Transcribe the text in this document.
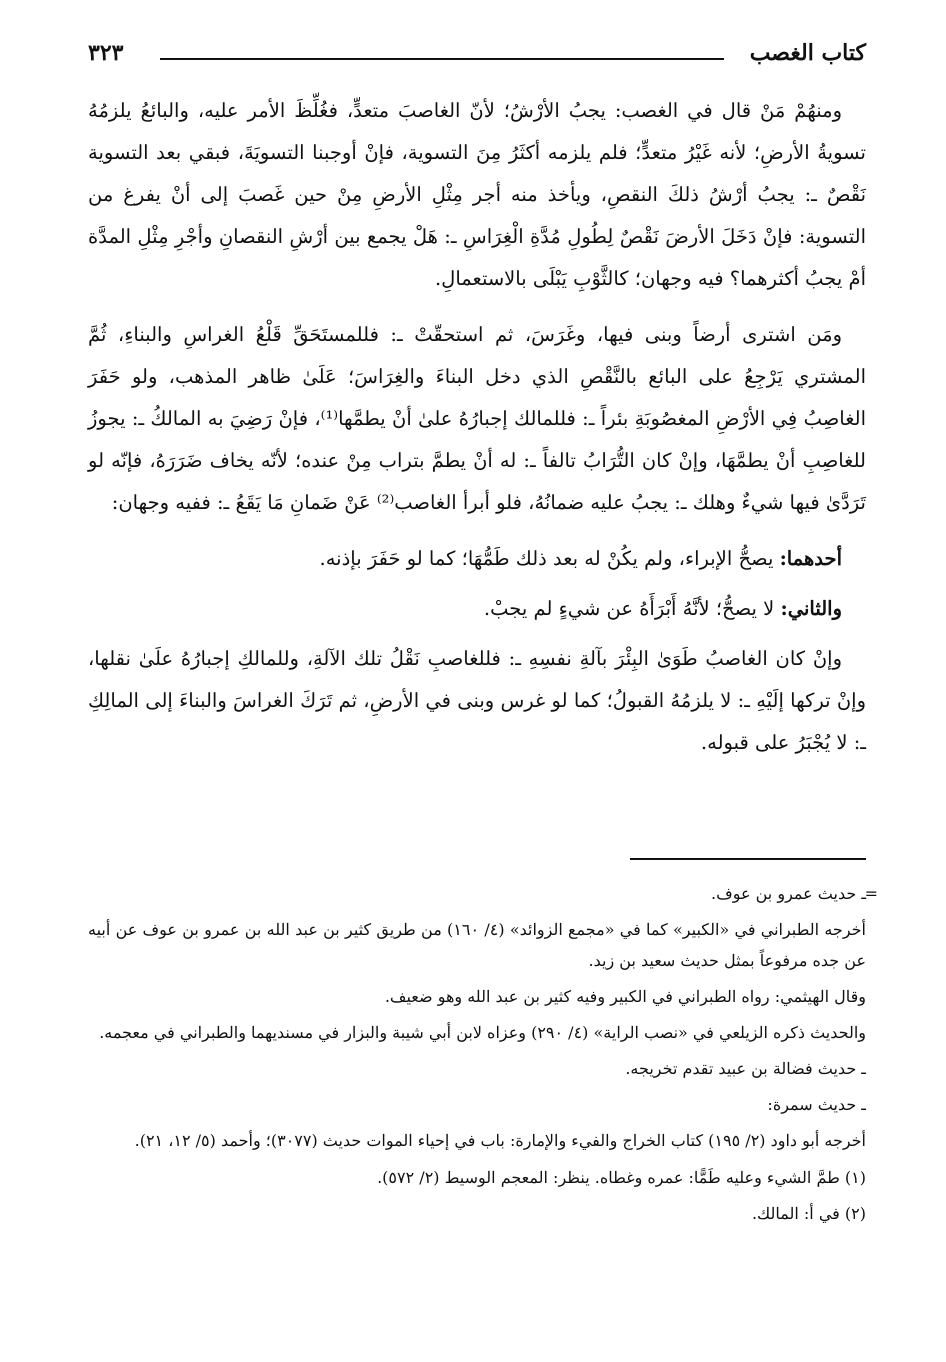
كتاب الغصب
٣٢٣

ومنهُمْ مَنْ قال في الغصب: يجبُ الأرْشُ؛ لأنّ الغاصبَ متعدٍّ، فغُلِّظَ الأمر عليه، والبائعُ يلزمُهُ تسويةُ الأرضِ؛ لأنه غَيْرُ متعدٍّ؛ فلم يلزمه أكثَرُ مِنَ التسوية، فإنْ أوجبنا التسويَةَ، فبقي بعد التسوية نَقْصٌ ـ: يجبُ أرْشُ ذلكَ النقصِ، ويأخذ منه أجر مِثْلِ الأرضِ مِنْ حين غَصبَ إلى أنْ يفرغ من التسوية: فإنْ دَخَلَ الأرضَ نَقْصٌ لِطُولِ مُدَّةِ الْغِرَاسِ ـ: هَلْ يجمع بين أرْشِ النقصانِ وأجْرِ مِثْلِ المدَّة أمْ يجبُ أكثرهما؟ فيه وجهان؛ كالثَّوْبِ يَبْلَى بالاستعمالِ.

ومَن اشترى أرضاً وبنى فيها، وغَرَسَ، ثم استحقّتْ ـ: فللمستَحَقِّ قَلْعُ الغراسِ والبناءِ، ثُمَّ المشتري يَرْجِعُ على البائع بالنَّقْصِ الذي دخل البناءَ والغِرَاسَ؛ عَلَىٰ ظاهر المذهب، ولو حَفَرَ الغاصِبُ فِي الأرْضِ المغصُوبَةِ بئراً ـ: فللمالك إجبارُهُ علىٰ أنْ يطمَّها⁽¹⁾، فإنْ رَضِيَ به المالكُ ـ: يجوزُ للغاصِبِ أنْ يطمَّهَا، وإنْ كان التُّرَابُ تالفاً ـ: له أنْ يطمَّ بتراب مِنْ عنده؛ لأنّه يخاف ضَرَرَهُ، فإنّه لو تَرَدَّىٰ فيها شيءٌ وهلك ـ: يجبُ عليه ضمانُهُ، فلو أبرأ الغاصب⁽²⁾ عَنْ ضَمانِ مَا يَقَعُ ـ: ففيه وجهان:

أحدهما: يصحُّ الإبراء، ولم يكُنْ له بعد ذلك طَمُّهَا؛ كما لو حَفَرَ بإذنه.

والثاني: لا يصحُّ؛ لأنَّهُ أَبْرَأَهُ عن شيءٍ لم يجبْ.

وإنْ كان الغاصبُ طَوَىٰ البِئْرَ بآلةِ نفسِهِ ـ: فللغاصبِ نَقْلُ تلك الآلةِ، وللمالكِ إجبارُهُ علَىٰ نقلها، وإنْ تركها إلَيْهِ ـ: لا يلزمُهُ القبولُ؛ كما لو غرس وبنى في الأرضِ، ثم تَرَكَ الغراسَ والبناءَ إلى المالِكِ ـ: لا يُجْبَرُ على قبوله.

=

ـ حديث عمرو بن عوف.

أخرجه الطبراني في «الكبير» كما في «مجمع الزوائد» (٤/ ١٦٠) من طريق كثير بن عبد الله بن عمرو بن عوف عن أبيه عن جده مرفوعاً بمثل حديث سعيد بن زيد.

وقال الهيثمي: رواه الطبراني في الكبير وفيه كثير بن عبد الله وهو ضعيف.

والحديث ذكره الزيلعي في «نصب الراية» (٤/ ٢٩٠) وعزاه لابن أبي شيبة والبزار في مسنديهما والطبراني في معجمه.

ـ حديث فضالة بن عبيد تقدم تخريجه.

ـ حديث سمرة:

أخرجه أبو داود (٢/ ١٩٥) كتاب الخراج والفيء والإمارة: باب في إحياء الموات حديث (٣٠٧٧)؛ وأحمد (٥/ ١٢، ٢١).

(١) طمَّ الشيء وعليه طَمًّا: عمره وغطاه. ينظر: المعجم الوسيط (٢/ ٥٧٢).

(٢) في أ: المالك.
